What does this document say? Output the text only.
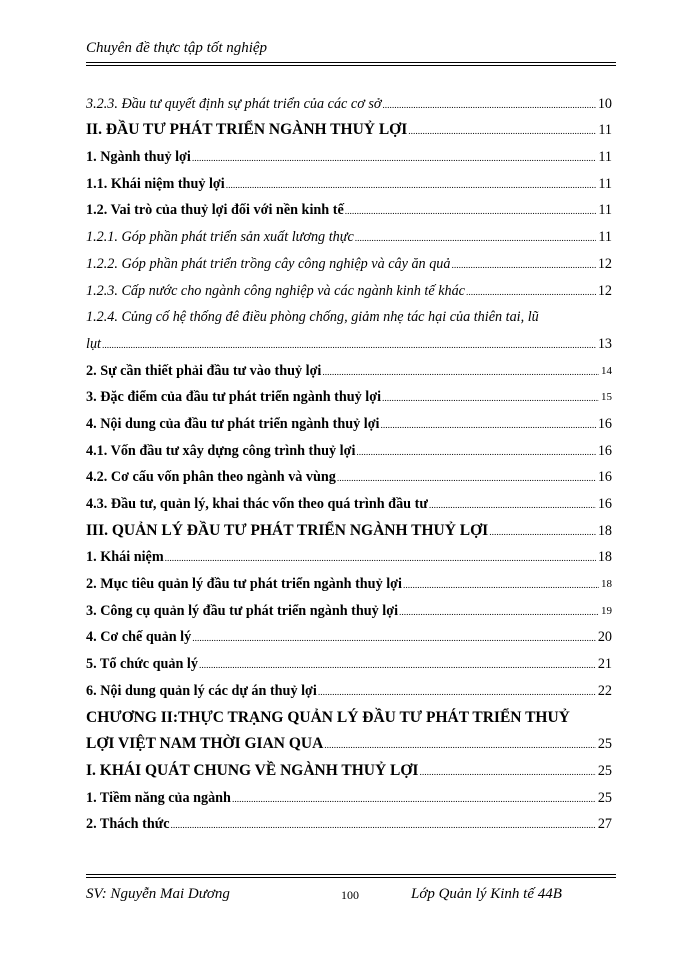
Chuyên đề thực tập tốt nghiệp
3.2.3. Đầu tư quyết định sự phát triển của các cơ sở .....	10
II. ĐẦU TƯ PHÁT TRIỂN NGÀNH THUỶ LỢI .....	11
1. Ngành thuỷ lợi .....	11
1.1. Khái niệm thuỷ lợi .....	11
1.2. Vai trò của thuỷ lợi đối với nền kinh tế .....	11
1.2.1. Góp phần phát triển sản xuất lương thực .....	11
1.2.2. Góp phần phát triển trồng cây công nghiệp và cây ăn quả .....	12
1.2.3. Cấp nước cho ngành công nghiệp và các ngành kinh tế khác .....	12
1.2.4. Củng cố hệ thống đê điều phòng chống, giảm nhẹ tác hại của thiên tai, lũ
lụt .....	13
2. Sự cần thiết phải đầu tư vào thuỷ lợi .....	14
3. Đặc điểm của đầu tư phát triển ngành thuỷ lợi .....	15
4. Nội dung của đầu tư phát triển ngành thuỷ lợi .....	16
4.1. Vốn đầu tư xây dựng công trình thuỷ lợi .....	16
4.2. Cơ cấu vốn phân theo ngành và vùng .....	16
4.3. Đầu tư, quản lý, khai thác vốn theo quá trình đầu tư .....	16
III. QUẢN LÝ ĐẦU TƯ PHÁT TRIỂN NGÀNH THUỶ LỢI .....	18
1. Khái niệm .....	18
2. Mục tiêu quản lý đầu tư phát triển ngành thuỷ lợi .....	18
3. Công cụ quản lý đầu tư phát triển ngành thuỷ lợi .....	19
4. Cơ chế quản lý .....	20
5. Tổ chức quản lý .....	21
6. Nội dung quản lý các dự án thuỷ lợi .....	22
CHƯƠNG II:THỰC TRẠNG QUẢN LÝ ĐẦU TƯ PHÁT TRIỂN THUỶ
LỢI VIỆT NAM THỜI GIAN QUA .....	25
I. KHÁI QUÁT CHUNG VỀ NGÀNH THUỶ LỢI .....	25
1. Tiềm năng của ngành .....	25
2. Thách thức .....	27
SV: Nguyễn Mai Dương	100	Lớp Quản lý Kinh tế 44B
